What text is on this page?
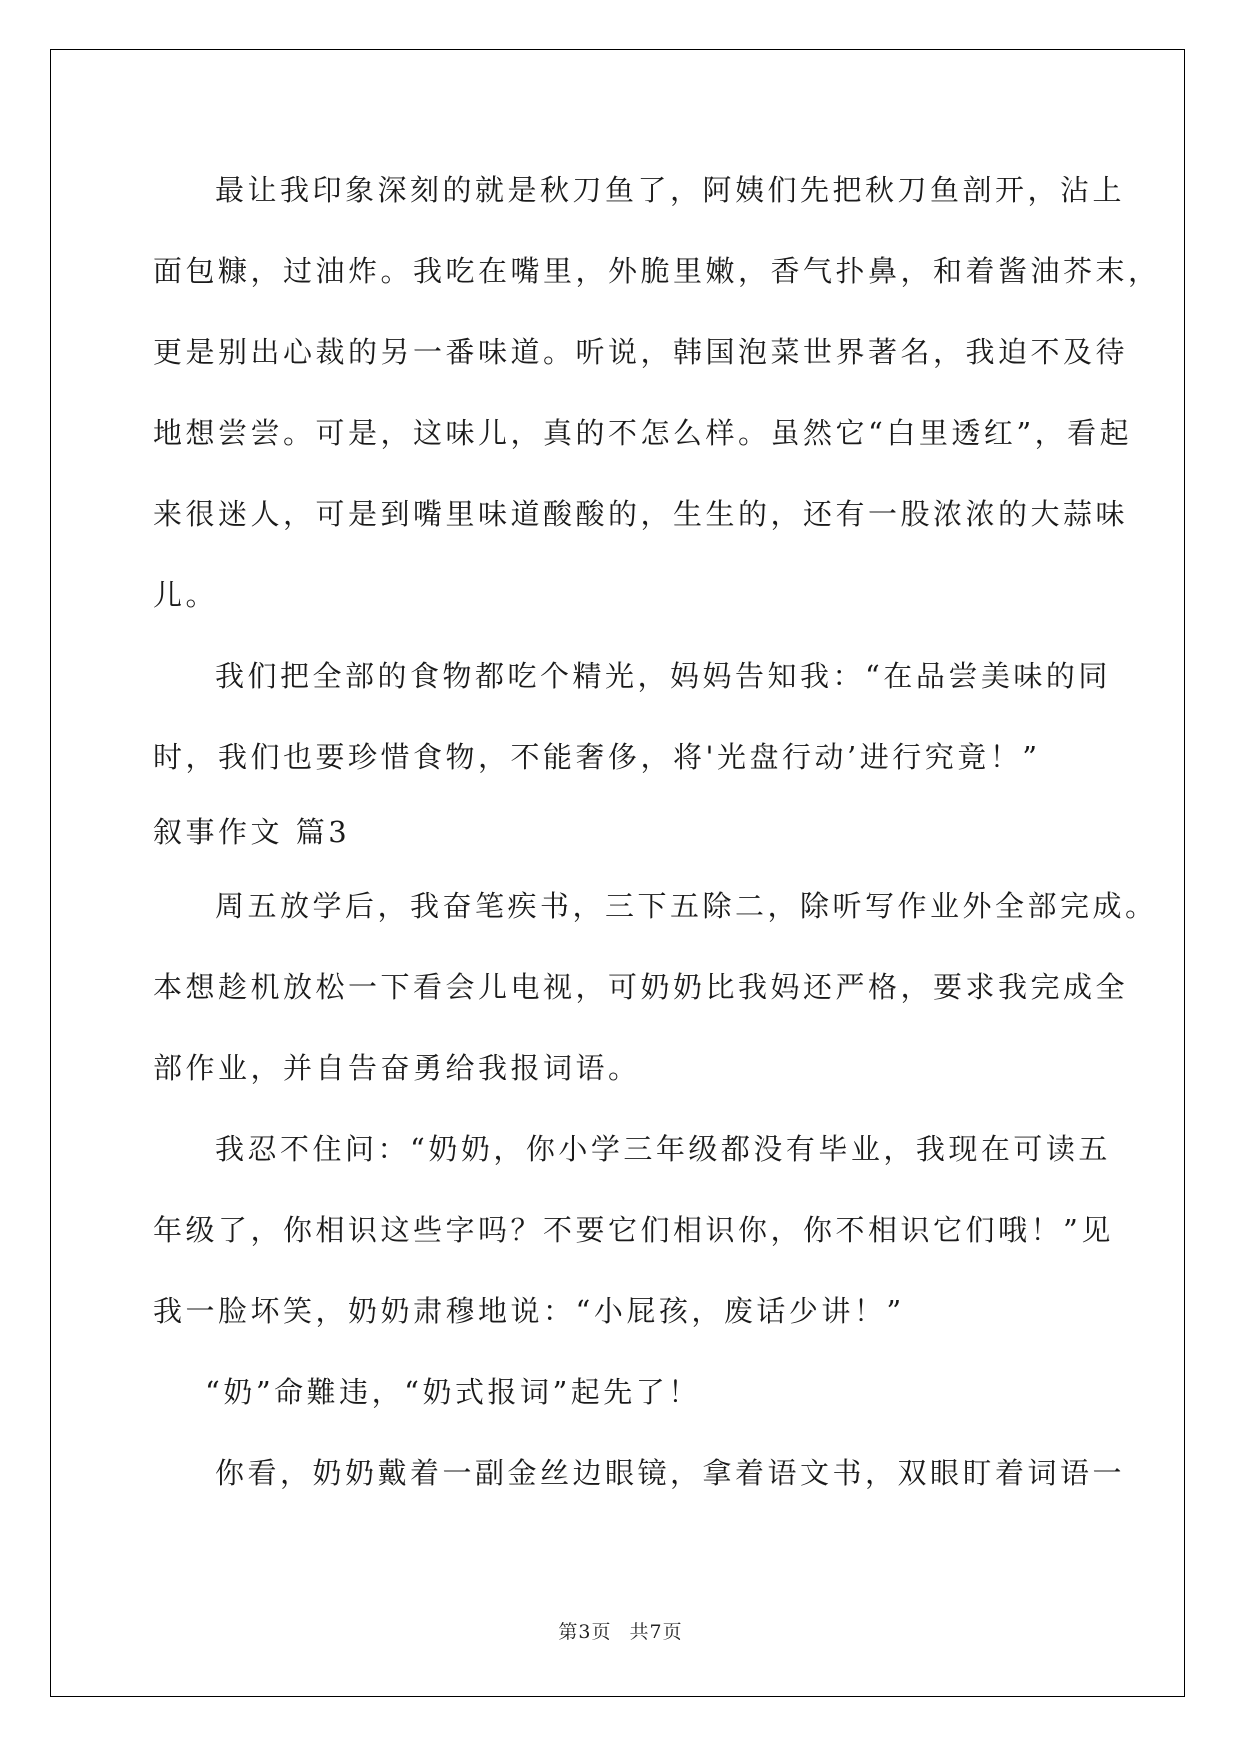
最让我印象深刻的就是秋刀鱼了，阿姨们先把秋刀鱼剖开，沾上
面包糠，过油炸。我吃在嘴里，外脆里嫩，香气扑鼻，和着酱油芥末，
更是别出心裁的另一番味道。听说，韩国泡菜世界著名，我迫不及待
地想尝尝。可是，这味儿，真的不怎么样。虽然它“白里透红”，看起
来很迷人，可是到嘴里味道酸酸的，生生的，还有一股浓浓的大蒜味
儿。
我们把全部的食物都吃个精光，妈妈告知我：“在品尝美味的同
时，我们也要珍惜食物，不能奢侈，将'光盘行动’进行究竟！”
叙事作文 篇3
周五放学后，我奋笔疾书，三下五除二，除听写作业外全部完成。
本想趁机放松一下看会儿电视，可奶奶比我妈还严格，要求我完成全
部作业，并自告奋勇给我报词语。
我忍不住问：“奶奶，你小学三年级都没有毕业，我现在可读五
年级了，你相识这些字吗？不要它们相识你，你不相识它们哦！”见
我一脸坏笑，奶奶肃穆地说：“小屁孩，废话少讲！”
“奶”命難违，“奶式报词”起先了！
你看，奶奶戴着一副金丝边眼镜，拿着语文书，双眼盯着词语一
第3页 共7页
